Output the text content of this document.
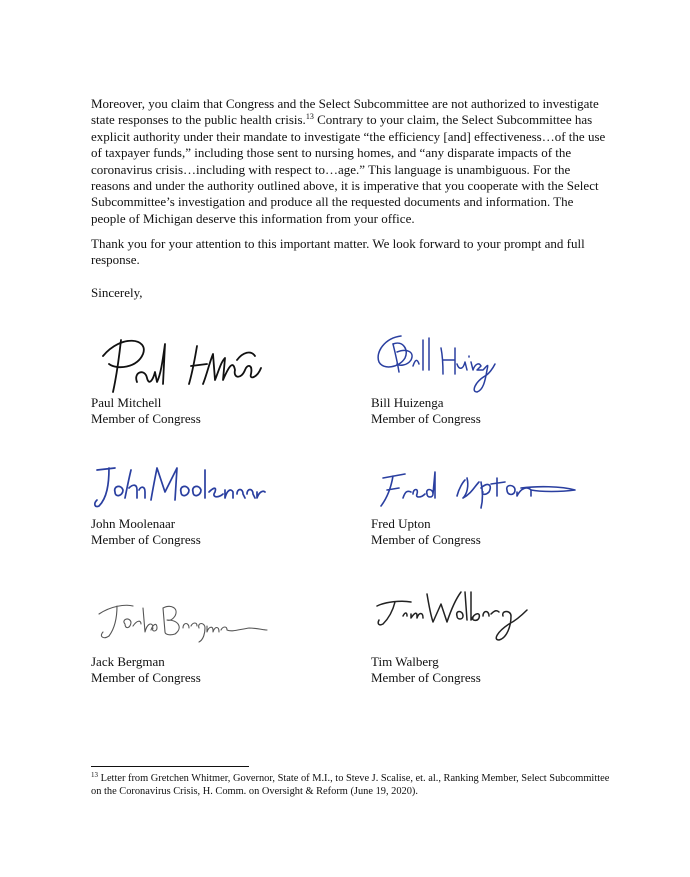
Moreover, you claim that Congress and the Select Subcommittee are not authorized to investigate state responses to the public health crisis.$^{13}$ Contrary to your claim, the Select Subcommittee has explicit authority under their mandate to investigate “the efficiency [and] effectiveness…of the use of taxpayer funds,” including those sent to nursing homes, and “any disparate impacts of the coronavirus crisis…including with respect to…age.” This language is unambiguous. For the reasons and under the authority outlined above, it is imperative that you cooperate with the Select Subcommittee’s investigation and produce all the requested documents and information. The people of Michigan deserve this information from your office.

Thank you for your attention to this important matter. We look forward to your prompt and full response.

Sincerely,

Paul Mitchell
Member of Congress
Bill Huizenga
Member of Congress
John Moolenaar
Member of Congress
Fred Upton
Member of Congress
Jack Bergman
Member of Congress
Tim Walberg
Member of Congress

$^{13}$ Letter from Gretchen Whitmer, Governor, State of M.I., to Steve J. Scalise, et. al., Ranking Member, Select Subcommittee on the Coronavirus Crisis, H. Comm. on Oversight & Reform (June 19, 2020).
